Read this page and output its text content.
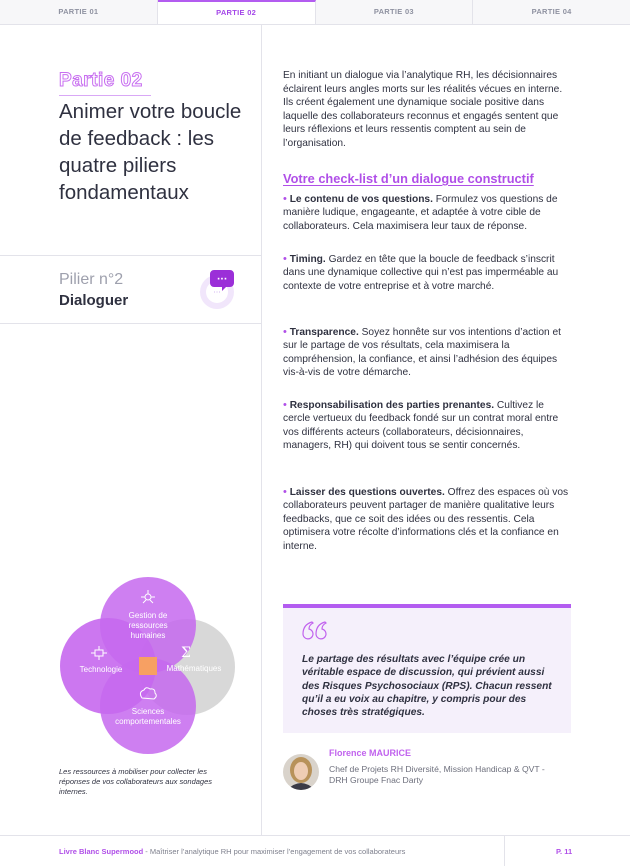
PARTIE 01	PARTIE 02	PARTIE 03	PARTIE 04
Partie 02
Animer votre boucle de feedback : les quatre piliers fondamentaux
Pilier n°2
Dialoguer	···
···
Σ
Gestion de ressources humaines
Technologie	Mathématiques
Sciences comportementales
Les ressources à mobiliser pour collecter les réponses de vos collaborateurs aux sondages internes.
En initiant un dialogue via l’analytique RH, les décisionnaires éclairent leurs angles morts sur les réalités vécues en interne. Ils créent également une dynamique sociale positive dans laquelle des collaborateurs reconnus et engagés sentent que leurs réflexions et leurs ressentis comptent au sein de l’organisation.
Votre check-list d’un dialogue constructif
• Le contenu de vos questions. Formulez vos questions de manière ludique, engageante, et adaptée à votre cible de collaborateurs. Cela maximisera leur taux de réponse.
• Timing. Gardez en tête que la boucle de feedback s’inscrit dans une dynamique collective qui n’est pas imperméable au contexte de votre entreprise et à votre marché.
• Transparence. Soyez honnête sur vos intentions d’action et sur le partage de vos résultats, cela maximisera la compréhension, la confiance, et ainsi l’adhésion des équipes vis-à-vis de votre démarche.
• Responsabilisation des parties prenantes. Cultivez le cercle vertueux du feedback fondé sur un contrat moral entre vos différents acteurs (collaborateurs, décisionnaires, managers, RH) qui doivent tous se sentir concernés.
• Laisser des questions ouvertes. Offrez des espaces où vos collaborateurs peuvent partager de manière qualitative leurs feedbacks, que ce soit des idées ou des ressentis. Cela optimisera votre récolte d’informations clés et la confiance en interne.
Le partage des résultats avec l’équipe crée un véritable espace de discussion, qui prévient aussi des Risques Psychosociaux (RPS). Chacun ressent qu’il a eu voix au chapitre, y compris pour des choses très stratégiques.
Florence MAURICE
Chef de Projets RH Diversité, Mission Handicap & QVT - DRH Groupe Fnac Darty
Livre Blanc Supermood - Maîtriser l’analytique RH pour maximiser l’engagement de vos collaborateurs	P. 11
